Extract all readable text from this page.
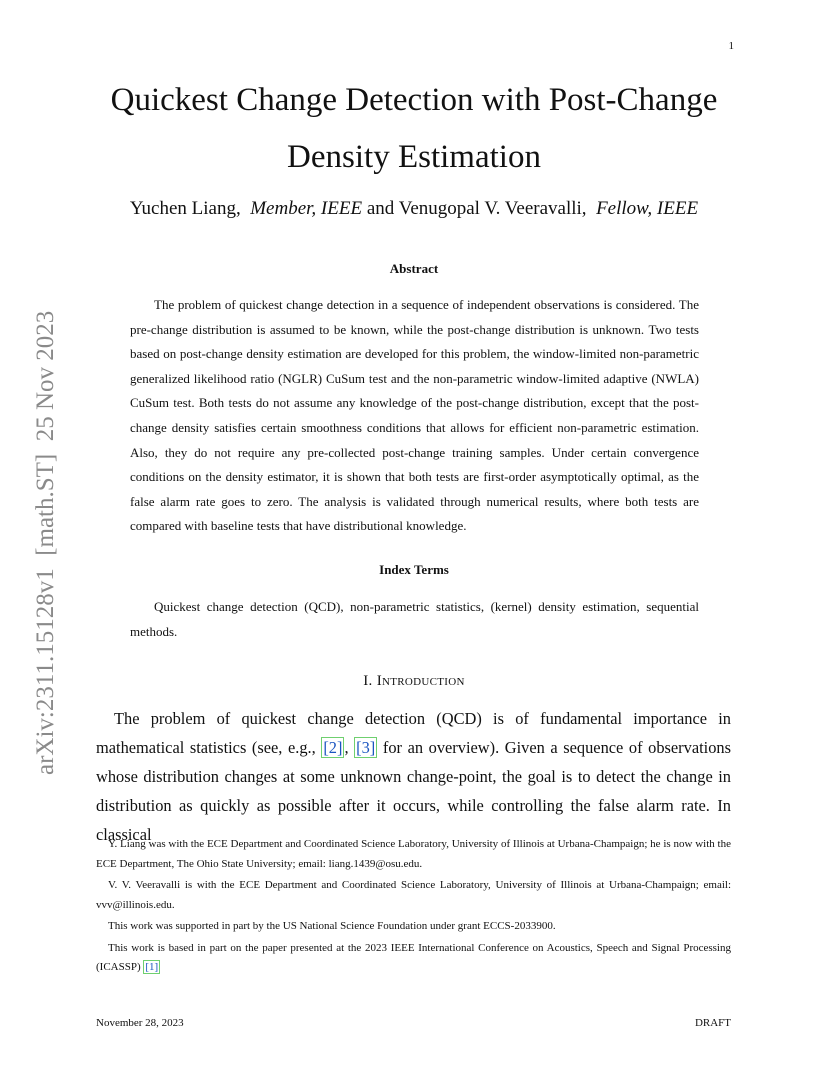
1
Quickest Change Detection with Post-Change Density Estimation
Yuchen Liang, Member, IEEE and Venugopal V. Veeravalli, Fellow, IEEE
Abstract

The problem of quickest change detection in a sequence of independent observations is considered. The pre-change distribution is assumed to be known, while the post-change distribution is unknown. Two tests based on post-change density estimation are developed for this problem, the window-limited non-parametric generalized likelihood ratio (NGLR) CuSum test and the non-parametric window-limited adaptive (NWLA) CuSum test. Both tests do not assume any knowledge of the post-change distribution, except that the post-change density satisfies certain smoothness conditions that allows for efficient non-parametric estimation. Also, they do not require any pre-collected post-change training samples. Under certain convergence conditions on the density estimator, it is shown that both tests are first-order asymptotically optimal, as the false alarm rate goes to zero. The analysis is validated through numerical results, where both tests are compared with baseline tests that have distributional knowledge.

Index Terms

Quickest change detection (QCD), non-parametric statistics, (kernel) density estimation, sequential methods.

I. Introduction

The problem of quickest change detection (QCD) is of fundamental importance in mathematical statistics (see, e.g., [2] , [3] for an overview). Given a sequence of observations whose distribution changes at some unknown change-point, the goal is to detect the change in distribution as quickly as possible after it occurs, while controlling the false alarm rate. In classical

Y. Liang was with the ECE Department and Coordinated Science Laboratory, University of Illinois at Urbana-Champaign; he is now with the ECE Department, The Ohio State University; email: liang.1439@osu.edu.

V. V. Veeravalli is with the ECE Department and Coordinated Science Laboratory, University of Illinois at Urbana-Champaign; email: vvv@illinois.edu.

This work was supported in part by the US National Science Foundation under grant ECCS-2033900.

This work is based in part on the paper presented at the 2023 IEEE International Conference on Acoustics, Speech and Signal Processing (ICASSP) [1]

November 28, 2023	DRAFT
arXiv:2311.15128v1  [math.ST]  25 Nov 2023
